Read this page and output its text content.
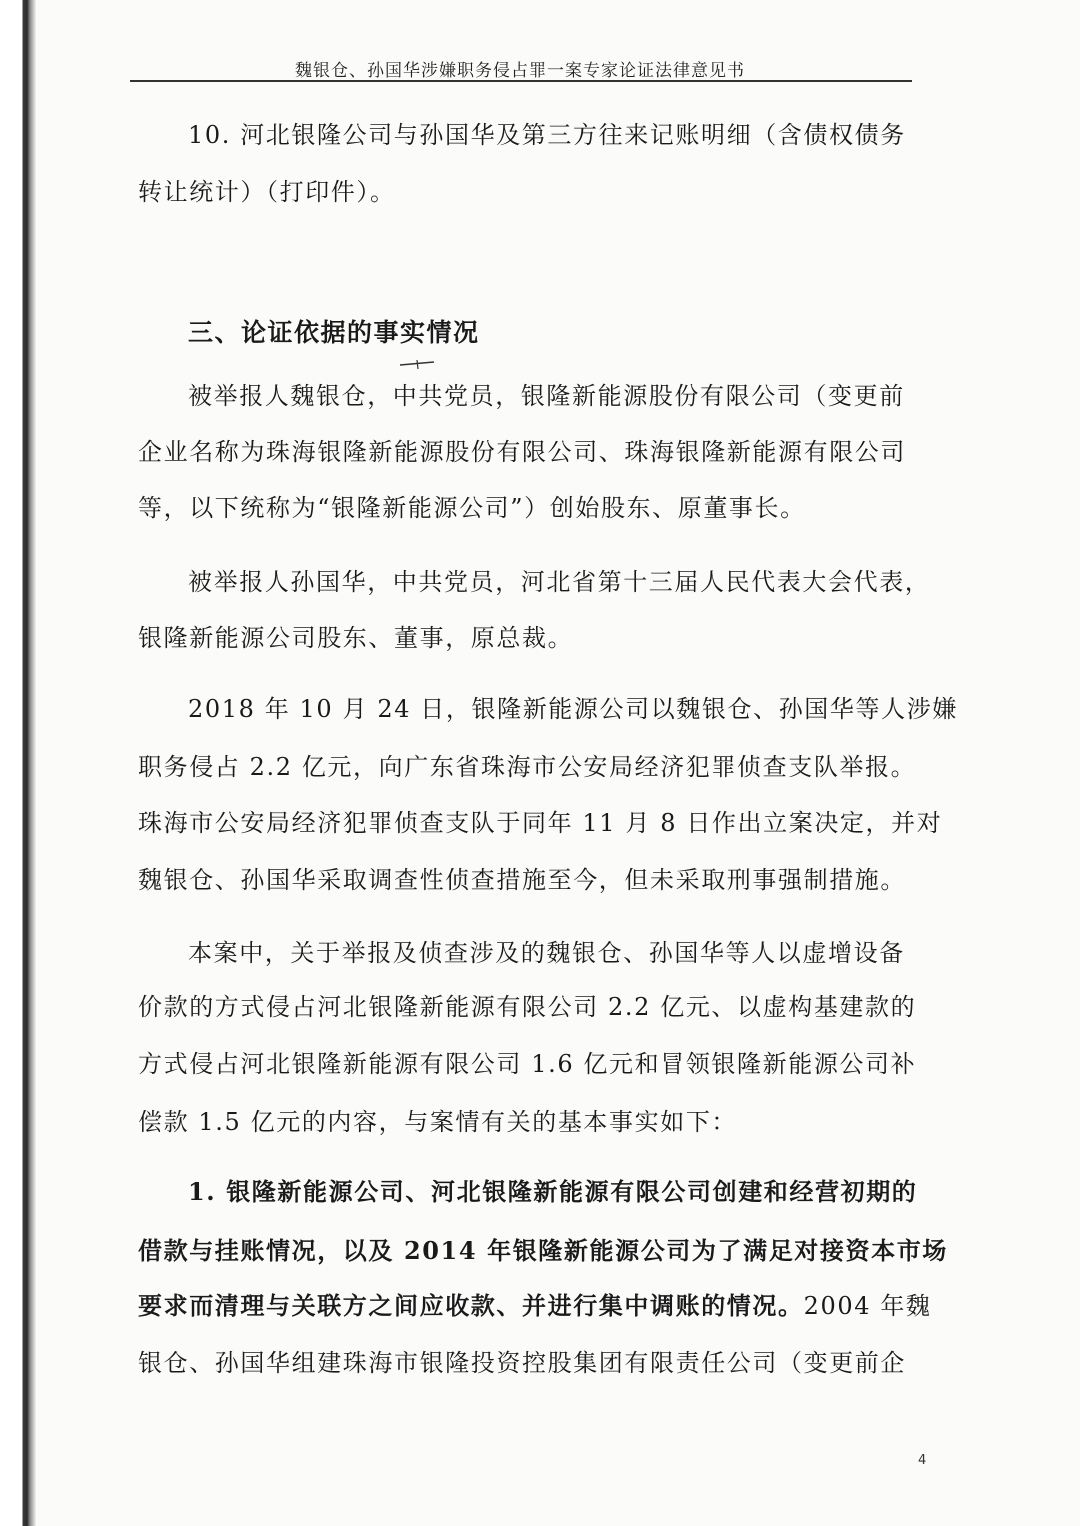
魏银仓、孙国华涉嫌职务侵占罪一案专家论证法律意见书
10. 河北银隆公司与孙国华及第三方往来记账明细（含债权债务
转让统计）（打印件）。
三、论证依据的事实情况
被举报人魏银仓，中共党员，银隆新能源股份有限公司（变更前
企业名称为珠海银隆新能源股份有限公司、珠海银隆新能源有限公司
等，以下统称为“银隆新能源公司”）创始股东、原董事长。
被举报人孙国华，中共党员，河北省第十三届人民代表大会代表，
银隆新能源公司股东、董事，原总裁。
2018 年 10 月 24 日，银隆新能源公司以魏银仓、孙国华等人涉嫌
职务侵占 2.2 亿元，向广东省珠海市公安局经济犯罪侦查支队举报。
珠海市公安局经济犯罪侦查支队于同年 11 月 8 日作出立案决定，并对
魏银仓、孙国华采取调查性侦查措施至今，但未采取刑事强制措施。
本案中，关于举报及侦查涉及的魏银仓、孙国华等人以虚增设备
价款的方式侵占河北银隆新能源有限公司 2.2 亿元、以虚构基建款的
方式侵占河北银隆新能源有限公司 1.6 亿元和冒领银隆新能源公司补
偿款 1.5 亿元的内容，与案情有关的基本事实如下：
1. 银隆新能源公司、河北银隆新能源有限公司创建和经营初期的
借款与挂账情况，以及 2014 年银隆新能源公司为了满足对接资本市场
要求而清理与关联方之间应收款、并进行集中调账的情况。2004 年魏
银仓、孙国华组建珠海市银隆投资控股集团有限责任公司（变更前企
4
